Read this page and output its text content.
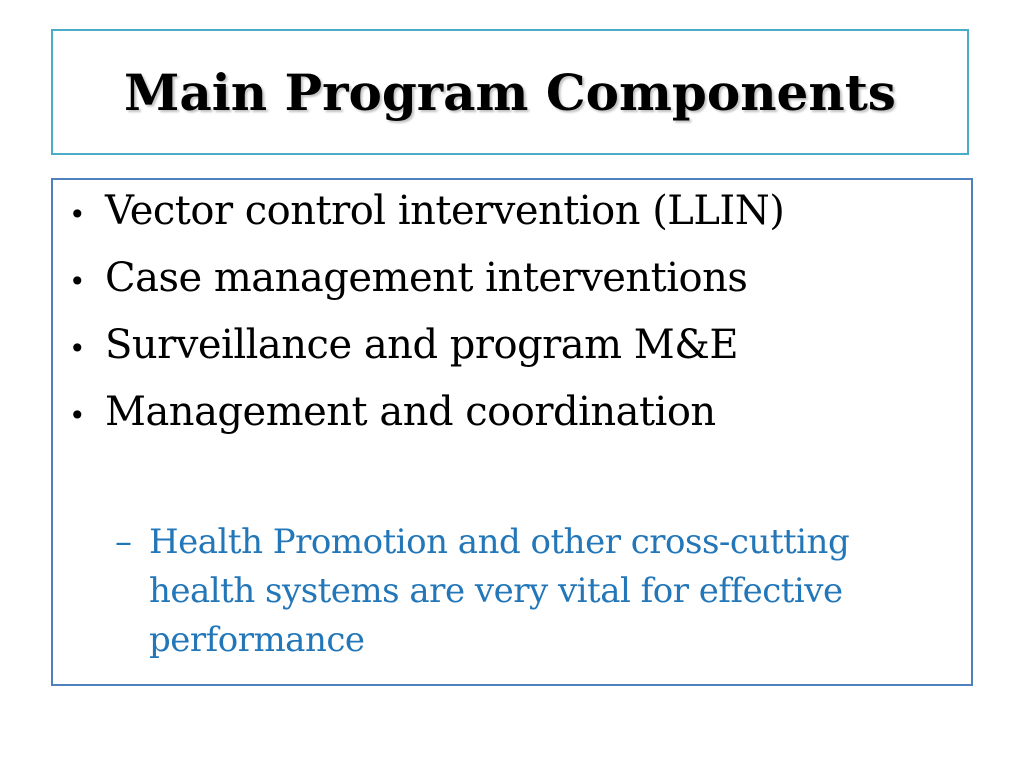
Main Program Components
• Vector control intervention (LLIN)
• Case management interventions
• Surveillance and program M&E
• Management and coordination
– Health Promotion and other cross-cutting health systems are very vital for effective performance
